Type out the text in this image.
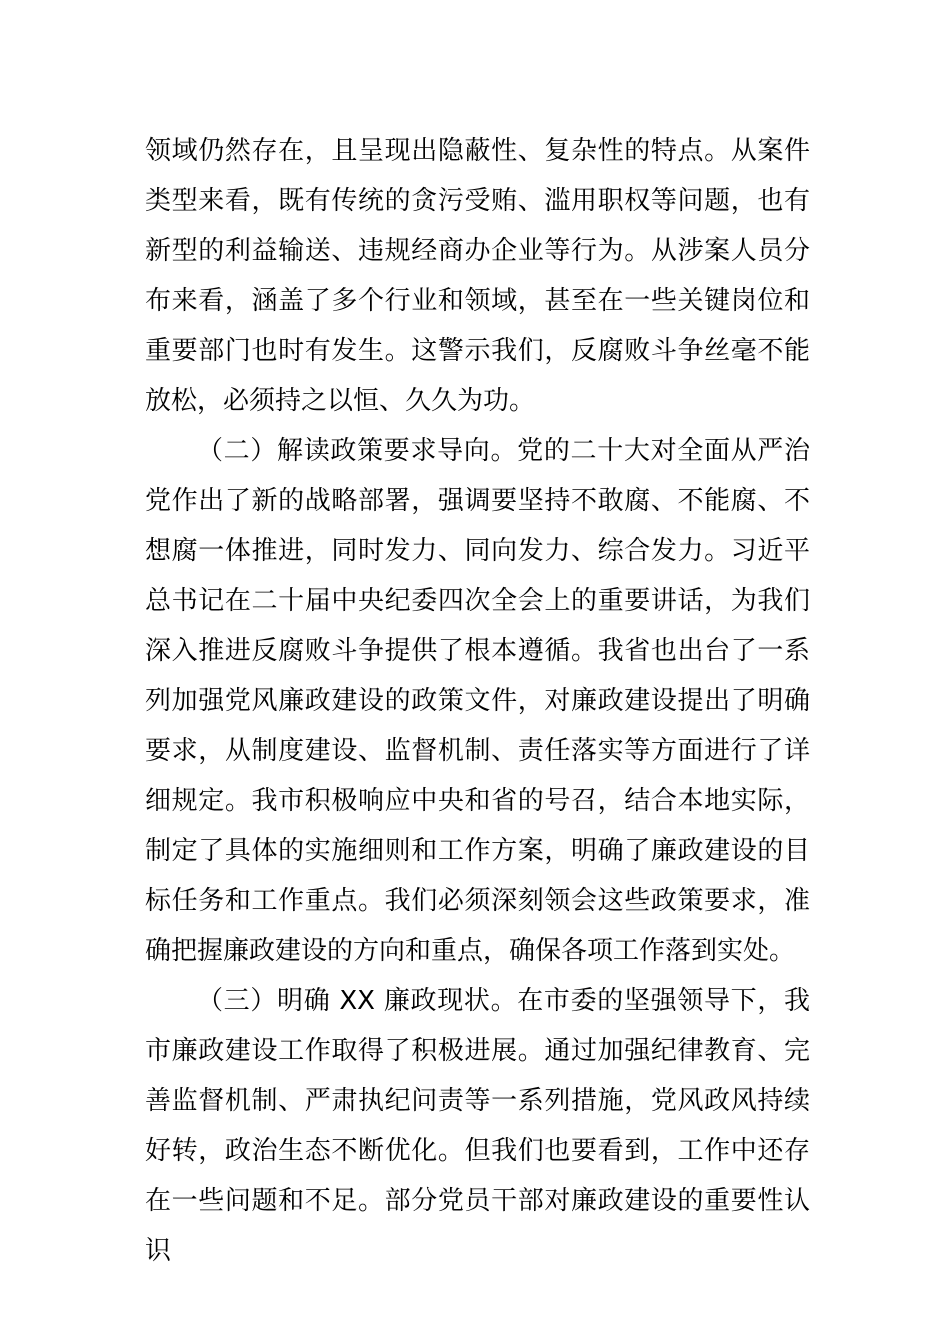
领域仍然存在，且呈现出隐蔽性、复杂性的特点。从案件类型来看，既有传统的贪污受贿、滥用职权等问题，也有新型的利益输送、违规经商办企业等行为。从涉案人员分布来看，涵盖了多个行业和领域，甚至在一些关键岗位和重要部门也时有发生。这警示我们，反腐败斗争丝毫不能放松，必须持之以恒、久久为功。

（二）解读政策要求导向。党的二十大对全面从严治党作出了新的战略部署，强调要坚持不敢腐、不能腐、不想腐一体推进，同时发力、同向发力、综合发力。习近平总书记在二十届中央纪委四次全会上的重要讲话，为我们深入推进反腐败斗争提供了根本遵循。我省也出台了一系列加强党风廉政建设的政策文件，对廉政建设提出了明确要求，从制度建设、监督机制、责任落实等方面进行了详细规定。我市积极响应中央和省的号召，结合本地实际，制定了具体的实施细则和工作方案，明确了廉政建设的目标任务和工作重点。我们必须深刻领会这些政策要求，准确把握廉政建设的方向和重点，确保各项工作落到实处。

（三）明确 XX 廉政现状。在市委的坚强领导下，我市廉政建设工作取得了积极进展。通过加强纪律教育、完善监督机制、严肃执纪问责等一系列措施，党风政风持续好转，政治生态不断优化。但我们也要看到，工作中还存在一些问题和不足。部分党员干部对廉政建设的重要性认识
